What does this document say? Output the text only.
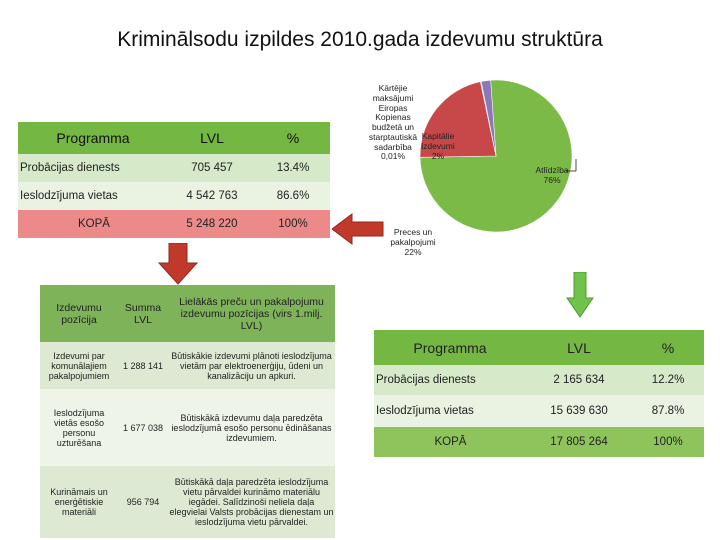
Kriminālsodu izpildes 2010.gada izdevumu struktūra
Programma	LVL	%
Probācijas dienests	705 457	13.4%
Ieslodzījuma vietas	4 542 763	86.6%
KOPĀ	5 248 220	100%
Kārtējie
maksājumi
Eiropas
Kopienas
budžetā un
starptautiskā
sadarbība
0,01%
Kapitālie
izdevumi
2%
Atlīdzība
76%
Preces un
pakalpojumi
22%
Izdevumu pozīcija	Summa LVL	Lielākās preču un pakalpojumu izdevumu pozīcijas (virs 1.milj. LVL)
Izdevumi par komunālajiem pakalpojumiem	1 288 141	Būtiskākie izdevumi plānoti ieslodzījuma vietām par elektroenerģiju, ūdeni un kanalizāciju un apkuri.
Ieslodzījuma vietās esošo personu uzturēšana	1 677 038	Būtiskākā izdevumu daļa paredzēta ieslodzījumā esošo personu ēdināšanas izdevumiem.
Kurināmais un enerģētiskie materiāli	956 794	Būtiskākā daļa paredzēta ieslodzījuma vietu pārvaldei kurināmo materiālu iegādei. Salīdzinoši neliela daļa elegvielai Valsts probācijas dienestam un ieslodzījuma vietu pārvaldei.
Programma	LVL	%
Probācijas dienests	2 165 634	12.2%
Ieslodzījuma vietas	15 639 630	87.8%
KOPĀ	17 805 264	100%
